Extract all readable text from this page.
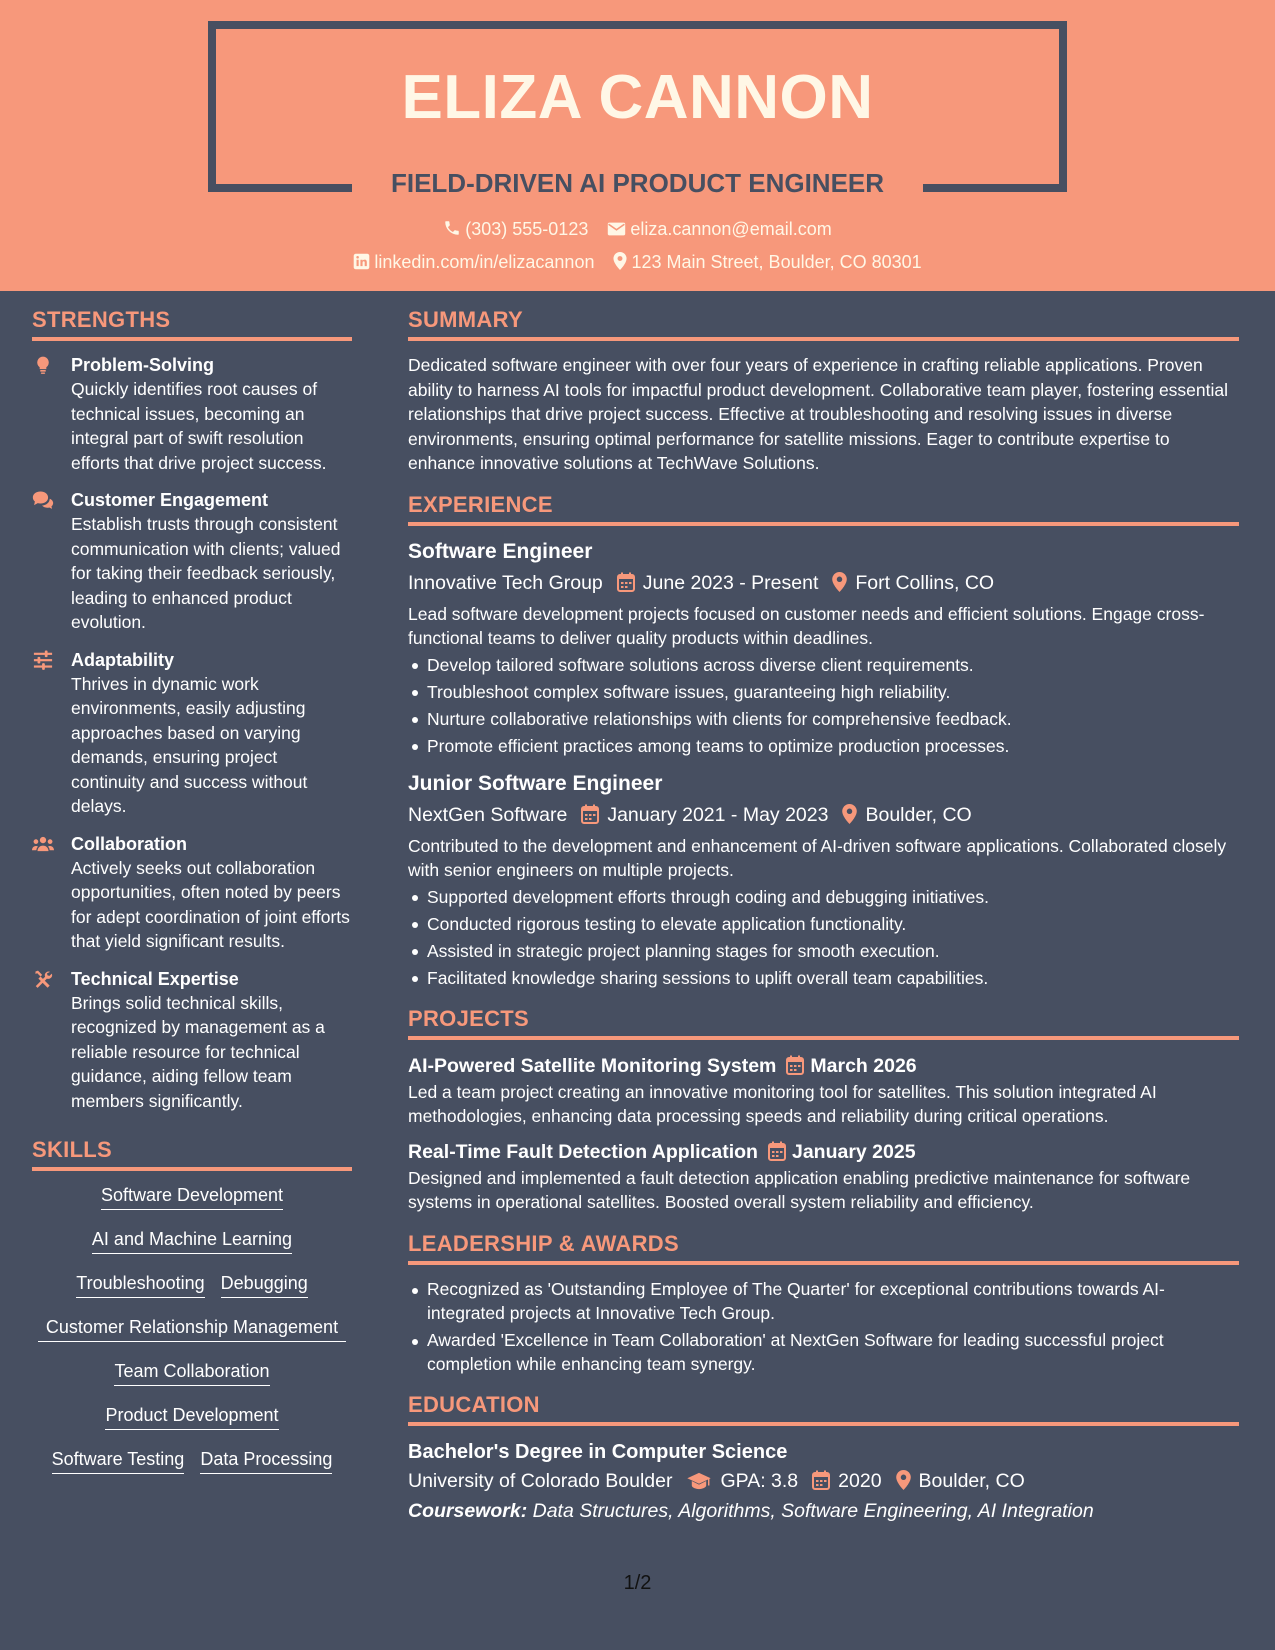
ELIZA CANNON
FIELD-DRIVEN AI PRODUCT ENGINEER
(303) 555-0123 eliza.cannon@email.com
linkedin.com/in/elizacannon 123 Main Street, Boulder, CO 80301
STRENGTHS
Problem-Solving
Quickly identifies root causes of technical issues, becoming an integral part of swift resolution efforts that drive project success.
Customer Engagement
Establish trusts through consistent communication with clients; valued for taking their feedback seriously, leading to enhanced product evolution.
Adaptability
Thrives in dynamic work environments, easily adjusting approaches based on varying demands, ensuring project continuity and success without delays.
Collaboration
Actively seeks out collaboration opportunities, often noted by peers for adept coordination of joint efforts that yield significant results.
Technical Expertise
Brings solid technical skills, recognized by management as a reliable resource for technical guidance, aiding fellow team members significantly.
SKILLS
Software Development
AI and Machine Learning
Troubleshooting Debugging
Customer Relationship Management
Team Collaboration
Product Development
Software Testing Data Processing
SUMMARY
Dedicated software engineer with over four years of experience in crafting reliable applications. Proven ability to harness AI tools for impactful product development. Collaborative team player, fostering essential relationships that drive project success. Effective at troubleshooting and resolving issues in diverse environments, ensuring optimal performance for satellite missions. Eager to contribute expertise to enhance innovative solutions at TechWave Solutions.
EXPERIENCE
Software Engineer
Innovative Tech Group June 2023 - Present Fort Collins, CO
Lead software development projects focused on customer needs and efficient solutions. Engage cross-functional teams to deliver quality products within deadlines.
Develop tailored software solutions across diverse client requirements.
Troubleshoot complex software issues, guaranteeing high reliability.
Nurture collaborative relationships with clients for comprehensive feedback.
Promote efficient practices among teams to optimize production processes.
Junior Software Engineer
NextGen Software January 2021 - May 2023 Boulder, CO
Contributed to the development and enhancement of AI-driven software applications. Collaborated closely with senior engineers on multiple projects.
Supported development efforts through coding and debugging initiatives.
Conducted rigorous testing to elevate application functionality.
Assisted in strategic project planning stages for smooth execution.
Facilitated knowledge sharing sessions to uplift overall team capabilities.
PROJECTS
AI-Powered Satellite Monitoring System March 2026
Led a team project creating an innovative monitoring tool for satellites. This solution integrated AI methodologies, enhancing data processing speeds and reliability during critical operations.
Real-Time Fault Detection Application January 2025
Designed and implemented a fault detection application enabling predictive maintenance for software systems in operational satellites. Boosted overall system reliability and efficiency.
LEADERSHIP & AWARDS
Recognized as 'Outstanding Employee of The Quarter' for exceptional contributions towards AI-integrated projects at Innovative Tech Group.
Awarded 'Excellence in Team Collaboration' at NextGen Software for leading successful project completion while enhancing team synergy.
EDUCATION
Bachelor's Degree in Computer Science
University of Colorado Boulder GPA: 3.8 2020 Boulder, CO
Coursework: Data Structures, Algorithms, Software Engineering, AI Integration
1/2
